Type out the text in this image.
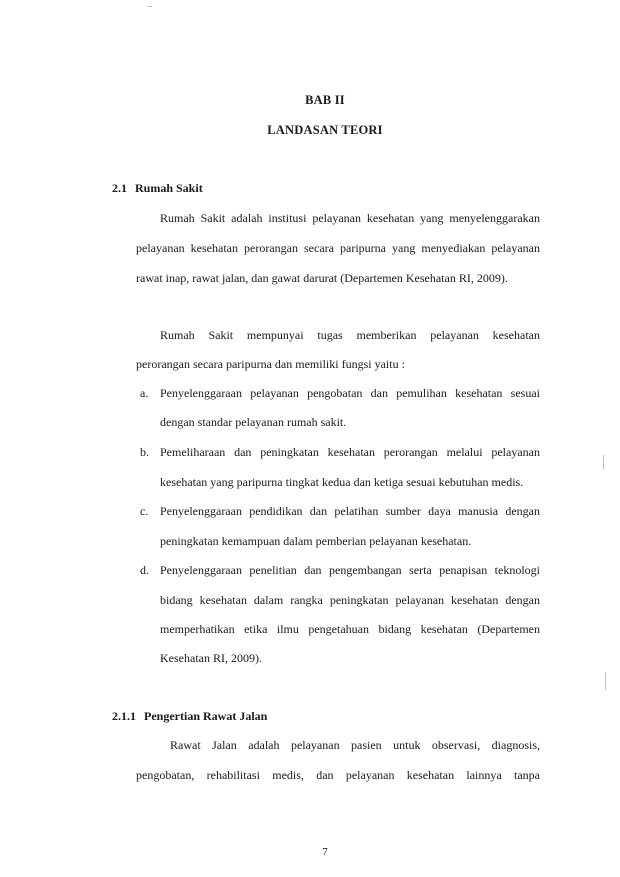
BAB II
LANDASAN TEORI
2.1 Rumah Sakit
Rumah Sakit adalah institusi pelayanan kesehatan yang menyelenggarakan
pelayanan kesehatan perorangan secara paripurna yang menyediakan pelayanan
rawat inap, rawat jalan, dan gawat darurat (Departemen Kesehatan RI, 2009).
Rumah Sakit mempunyai tugas memberikan pelayanan kesehatan
perorangan secara paripurna dan memiliki fungsi yaitu :
a. Penyelenggaraan pelayanan pengobatan dan pemulihan kesehatan sesuai
dengan standar pelayanan rumah sakit.
b. Pemeliharaan dan peningkatan kesehatan perorangan melalui pelayanan
kesehatan yang paripurna tingkat kedua dan ketiga sesuai kebutuhan medis.
c. Penyelenggaraan pendidikan dan pelatihan sumber daya manusia dengan
peningkatan kemampuan dalam pemberian pelayanan kesehatan.
d. Penyelenggaraan penelitian dan pengembangan serta penapisan teknologi
bidang kesehatan dalam rangka peningkatan pelayanan kesehatan dengan
memperhatikan etika ilmu pengetahuan bidang kesehatan (Departemen
Kesehatan RI, 2009).
2.1.1 Pengertian Rawat Jalan
Rawat Jalan adalah pelayanan pasien untuk observasi, diagnosis,
pengobatan, rehabilitasi medis, dan pelayanan kesehatan lainnya tanpa
7
